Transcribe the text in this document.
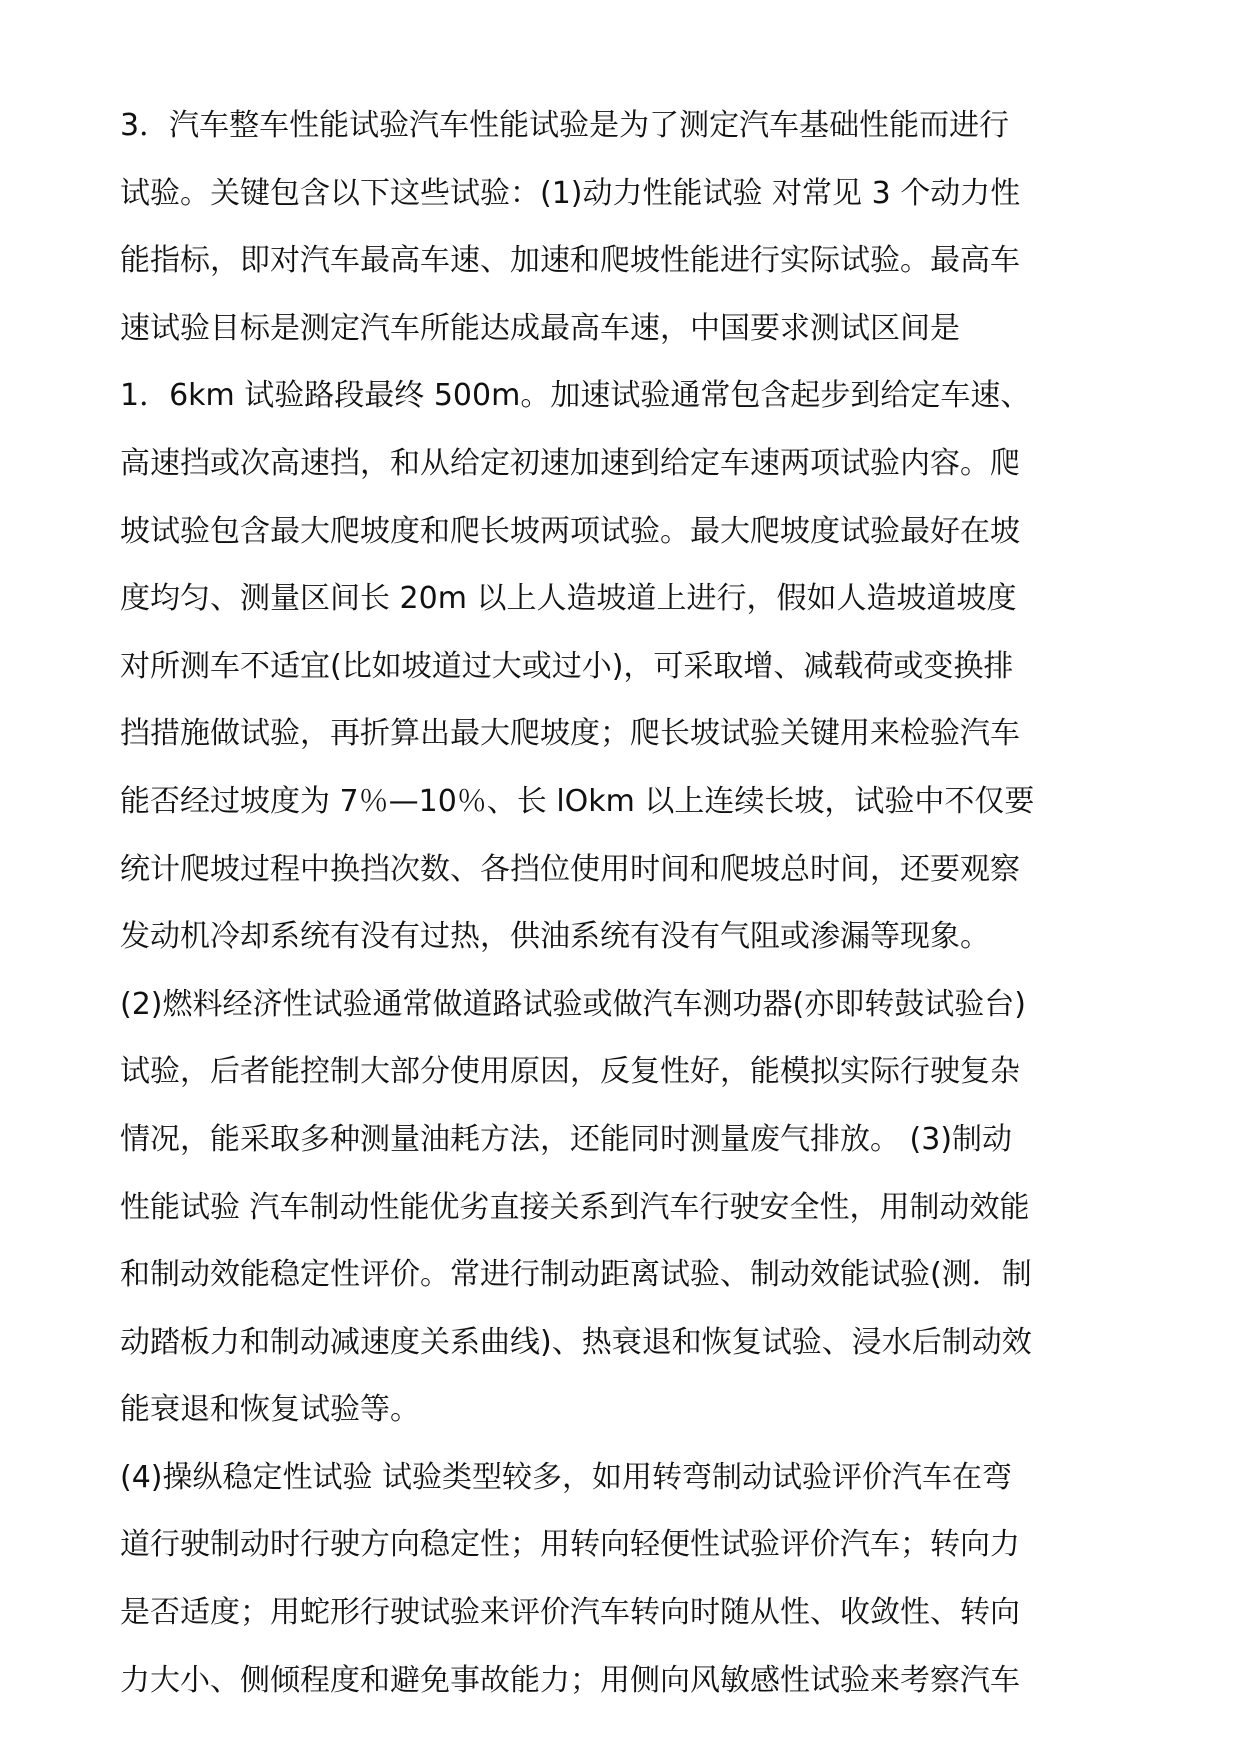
3．汽车整车性能试验汽车性能试验是为了测定汽车基础性能而进行
试验。关键包含以下这些试验：(1)动力性能试验 对常见 3 个动力性
能指标，即对汽车最高车速、加速和爬坡性能进行实际试验。最高车
速试验目标是测定汽车所能达成最高车速，中国要求测试区间是
1．6km 试验路段最终 500m。加速试验通常包含起步到给定车速、
高速挡或次高速挡，和从给定初速加速到给定车速两项试验内容。爬
坡试验包含最大爬坡度和爬长坡两项试验。最大爬坡度试验最好在坡
度均匀、测量区间长 20m 以上人造坡道上进行，假如人造坡道坡度
对所测车不适宜(比如坡道过大或过小)，可采取增、减载荷或变换排
挡措施做试验，再折算出最大爬坡度；爬长坡试验关键用来检验汽车
能否经过坡度为 7％—10％、长 lOkm 以上连续长坡，试验中不仅要
统计爬坡过程中换挡次数、各挡位使用时间和爬坡总时间，还要观察
发动机冷却系统有没有过热，供油系统有没有气阻或渗漏等现象。
(2)燃料经济性试验通常做道路试验或做汽车测功器(亦即转鼓试验台)
试验，后者能控制大部分使用原因，反复性好，能模拟实际行驶复杂
情况，能采取多种测量油耗方法，还能同时测量废气排放。 (3)制动
性能试验 汽车制动性能优劣直接关系到汽车行驶安全性，用制动效能
和制动效能稳定性评价。常进行制动距离试验、制动效能试验(测．制
动踏板力和制动减速度关系曲线)、热衰退和恢复试验、浸水后制动效
能衰退和恢复试验等。
(4)操纵稳定性试验 试验类型较多，如用转弯制动试验评价汽车在弯
道行驶制动时行驶方向稳定性；用转向轻便性试验评价汽车；转向力
是否适度；用蛇形行驶试验来评价汽车转向时随从性、收敛性、转向
力大小、侧倾程度和避免事故能力；用侧向风敏感性试验来考察汽车
